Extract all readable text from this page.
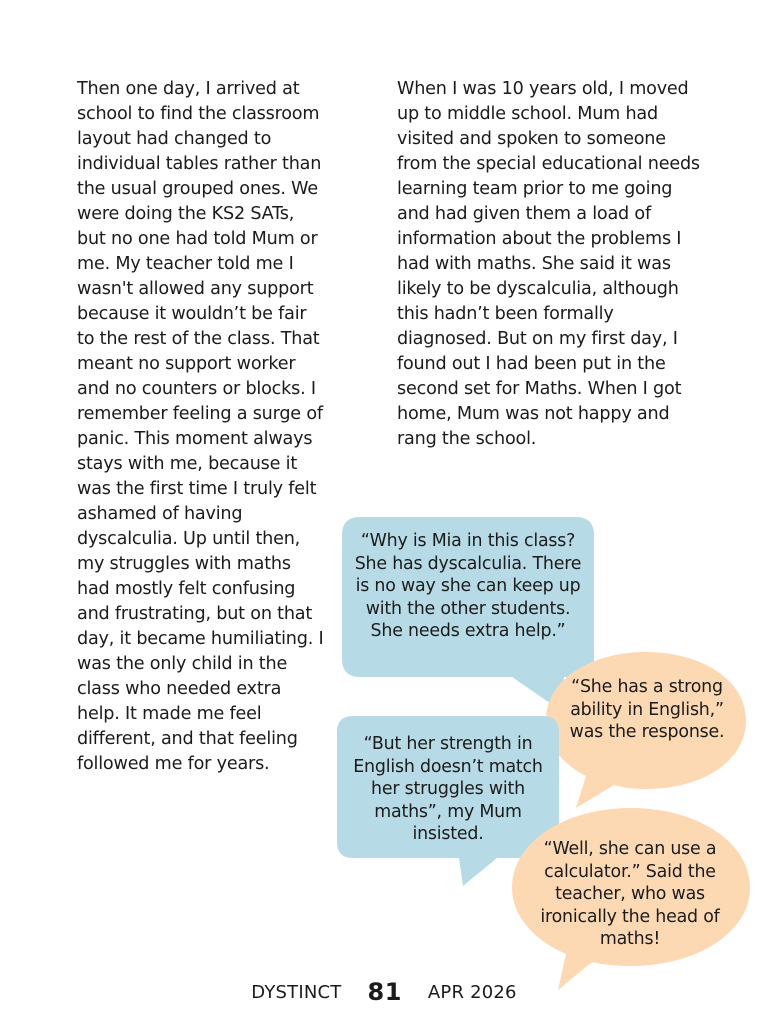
Then one day, I arrived at school to find the classroom layout had changed to individual tables rather than the usual grouped ones. We were doing the KS2 SATs, but no one had told Mum or me. My teacher told me I wasn't allowed any support because it wouldn’t be fair to the rest of the class. That meant no support worker and no counters or blocks. I remember feeling a surge of panic. This moment always stays with me, because it was the first time I truly felt ashamed of having dyscalculia. Up until then, my struggles with maths had mostly felt confusing and frustrating, but on that day, it became humiliating. I was the only child in the class who needed extra help. It made me feel different, and that feeling followed me for years.

When I was 10 years old, I moved up to middle school. Mum had visited and spoken to someone from the special educational needs learning team prior to me going and had given them a load of information about the problems I had with maths. She said it was likely to be dyscalculia, although this hadn’t been formally diagnosed. But on my first day, I found out I had been put in the second set for Maths. When I got home, Mum was not happy and rang the school.

“Why is Mia in this class? She has dyscalculia. There is no way she can keep up with the other students. She needs extra help.”

“She has a strong ability in English,” was the response.

“But her strength in English doesn’t match her struggles with maths”, my Mum insisted.

“Well, she can use a calculator.” Said the teacher, who was ironically the head of maths!

DYSTINCT 81 APR 2026
